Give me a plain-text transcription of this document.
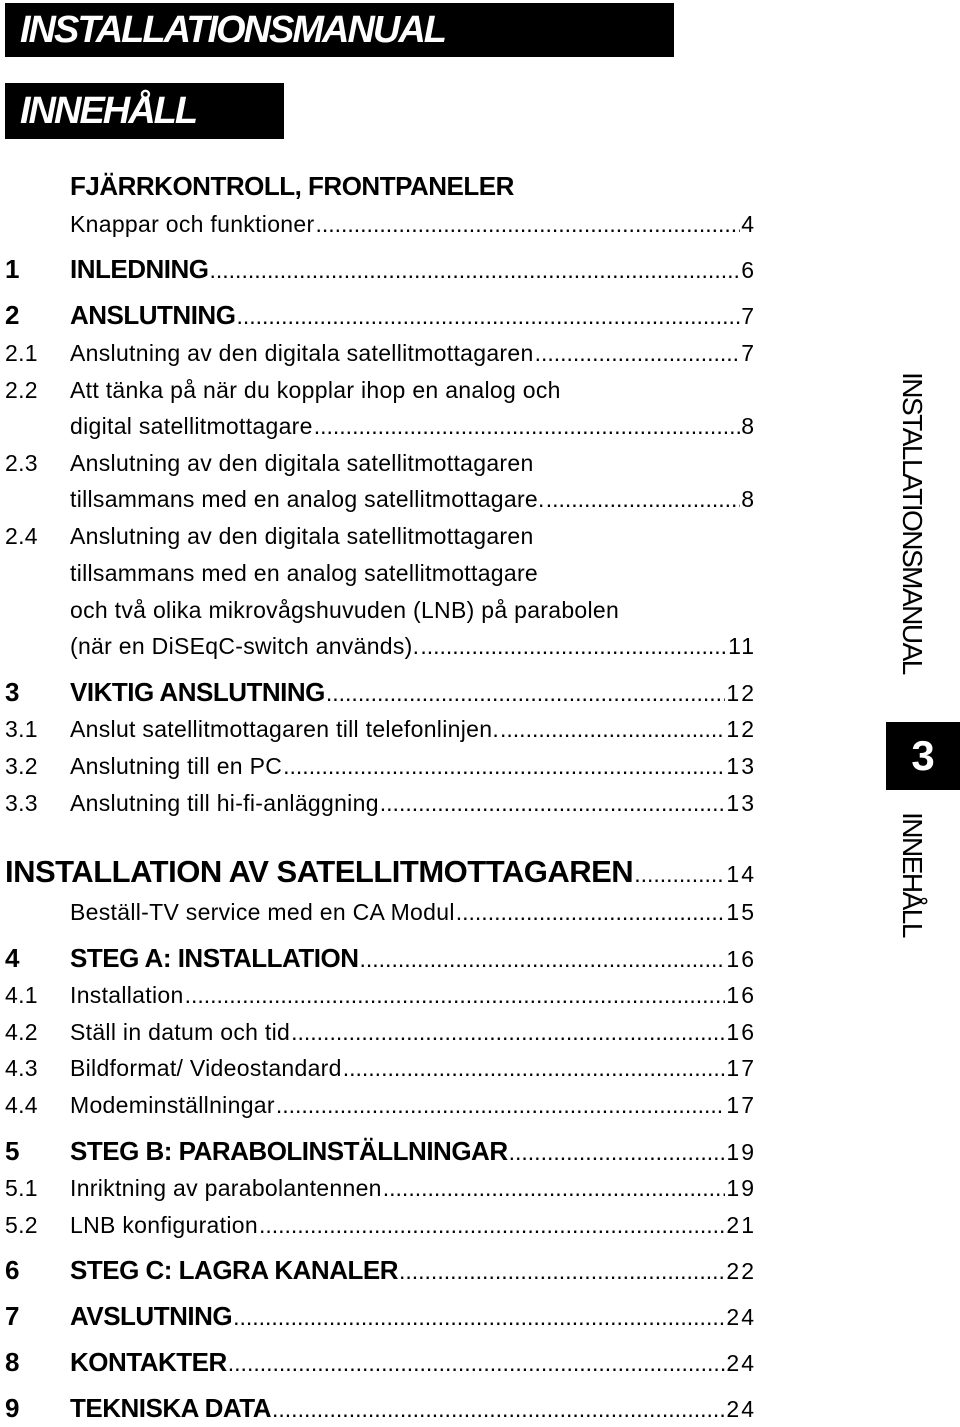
INSTALLATIONSMANUAL
INNEHÅLL
FJÄRRKONTROLL, FRONTPANELER
Knappar och funktioner .....	4
1 INLEDNING .....	6
2 ANSLUTNING .....	7
2.1 Anslutning av den digitala satellitmottagaren .....	7
2.2 Att tänka på när du kopplar ihop en analog och
digital satellitmottagare .....	8
2.3 Anslutning av den digitala satellitmottagaren
tillsammans med en analog satellitmottagare. .....	8
2.4 Anslutning av den digitala satellitmottagaren
tillsammans med en analog satellitmottagare
och två olika mikrovågshuvuden (LNB) på parabolen
(när en DiSEqC-switch används). .....	11
3 VIKTIG ANSLUTNING .....	12
3.1 Anslut satellitmottagaren till telefonlinjen. .....	12
3.2 Anslutning till en PC .....	13
3.3 Anslutning till hi-fi-anläggning .....	13
INSTALLATION AV SATELLITMOTTAGAREN .....	14
Beställ-TV service med en CA Modul .....	15
4 STEG A: INSTALLATION .....	16
4.1 Installation .....	16
4.2 Ställ in datum och tid .....	16
4.3 Bildformat/ Videostandard .....	17
4.4 Modeminställningar .....	17
5 STEG B: PARABOLINSTÄLLNINGAR .....	19
5.1 Inriktning av parabolantennen .....	19
5.2 LNB konfiguration .....	21
6 STEG C: LAGRA KANALER .....	22
7 AVSLUTNING .....	24
8 KONTAKTER .....	24
9 TEKNISKA DATA .....	24
INSTALLATIONSMANUAL
3
INNEHÅLL
